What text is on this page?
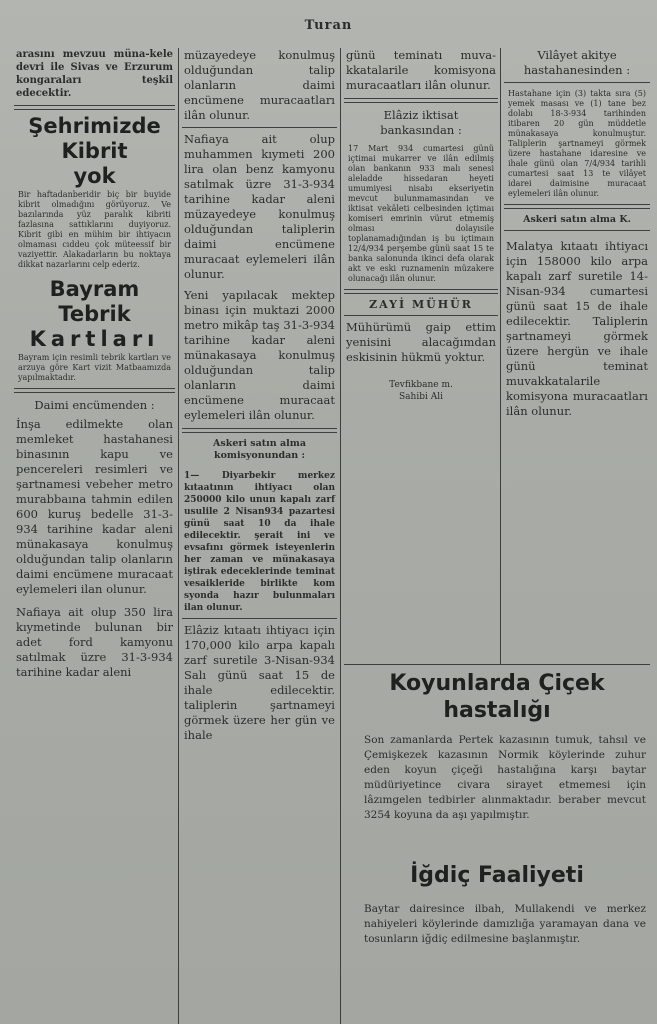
Turan
arasını mevzuu müna-kele devri ile Sivas ve Erzurum kongaraları teşkil edecektir.
Şehrimizde
Kibrit
yok
Bir haftadanberidir biç bir buyide kibrit olmadığını görüyoruz. Ve bazılarında yüz paralık kibriti fazlasına sattıklarını duyiyoruz. Kibrit gibi en mühim bir ihtiyacın olmaması cıddeu çok müteessif bir vaziyettir. Alakadarların bu noktaya dikkat nazarlarını celp ederiz.
Bayram
Tebrik
Kartları
Bayram için resimli tebrik kartları ve arzuya göre Kart vizit Matbaamızda yapılmaktadır.
Daimi encümenden :
İnşa edilmekte olan memleket hastahanesi binasının kapu ve pencereleri resimleri ve şartnamesi vebeher metro murabbaına tahmin edilen 600 kuruş bedelle 31-3-934 tarihine kadar aleni münakasaya konulmuş olduğundan talip olanların daimi encümene muracaat eylemeleri ilan olunur.
Nafiaya ait olup 350 lira kıymetinde bulunan bir adet ford kamyonu satılmak üzre 31-3-934 tarihine kadar aleni
müzayedeye konulmuş olduğundan talip olanların daimi encümene muracaatları ilân olunur.
Nafiaya ait olup muhammen kıymeti 200 lira olan benz kamyonu satılmak üzre 31-3-934 tarihine kadar aleni müzayedeye konulmuş olduğundan taliplerin daimi encümene muracaat eylemeleri ilân olunur.
Yeni yapılacak mektep binası için muktazi 2000 metro mikâp taş 31-3-934 tarihine kadar aleni münakasaya konulmuş olduğundan talip olanların daimi encümene muracaat eylemeleri ilân olunur.
Askeri satın alma komisyonundan :
1— Diyarbekir merkez kıtaatının ihtiyacı olan 250000 kilo unun kapalı zarf usulile 2 Nisan934 pazartesi günü saat 10 da ihale edilecektir. şerait ini ve evsafını görmek isteyenlerin her zaman ve münakasaya iştirak edeceklerinde teminat vesaikleride birlikte kom syonda hazır bulunmaları ilan olunur.
Elâziz kıtaatı ihtiyacı için 170,000 kilo arpa kapalı zarf suretile 3-Nisan-934 Salı günü saat 15 de ihale edilecektir. taliplerin şartnameyi görmek üzere her gün ve ihale
günü teminatı muva-kkatalarile komisyona muracaatları ilân olunur.
Elâziz iktisat bankasından :
17 Mart 934 cumartesi günü içtimai mukarrer ve ilân edilmiş olan bankanın 933 malı senesi aleladde hissedaran heyeti umumiyesi nisabı ekseriyetin mevcut bulunmamasından ve iktisat vekâleti celbesinden içtimaı komiseri emrinin vürut etmemiş olması dolayısile toplanamadığından iş bu içtimaın 12/4/934 perşembe günü saat 15 te banka salonunda ikinci defa olarak akt ve eski ruznamenin müzakere olunacağı ilân olunur.
ZAYİ MÜHÜR
Mühürümü gaip ettim yenisini alacağımdan eskisinin hükmü yoktur.
Tevfikbane m.
Sahibi Ali
Vilâyet akitye hastahanesinden :
Hastahane için (3) takta sıra (5) yemek masası ve (1) tane bez dolabı 18-3-934 tarihinden itibaren 20 gün müddetle münakasaya konulmuştur. Taliplerin şartnameyi görmek üzere hastahane idaresine ve ihale günü olan 7/4/934 tarihli cumartesi saat 13 te vilâyet idarei daimisine muracaat eylemeleri ilân olunur.
Askeri satın alma K.
Malatya kıtaatı ihtiyacı için 158000 kilo arpa kapalı zarf suretile 14-Nisan-934 cumartesi günü saat 15 de ihale edilecektir. Taliplerin şartnameyi görmek üzere hergün ve ihale günü teminat muvakkatalarile komisyona muracaatları ilân olunur.
Koyunlarda Çiçek
hastalığı
Son zamanlarda Pertek kazasının tumuk, tahsıl ve Çemişkezek kazasının Normik köylerinde zuhur eden koyun çiçeği hastalığına karşı baytar müdüriyetince civara sirayet etmemesi için lâzımgelen tedbirler alınmaktadır. beraber mevcut 3254 koyuna da aşı yapılmıştır.
İğdiç Faaliyeti
Baytar dairesince ilbah, Mullakendi ve merkez nahiyeleri köylerinde damızlığa yaramayan dana ve tosunların iğdiç edilmesine başlanmıştır.
